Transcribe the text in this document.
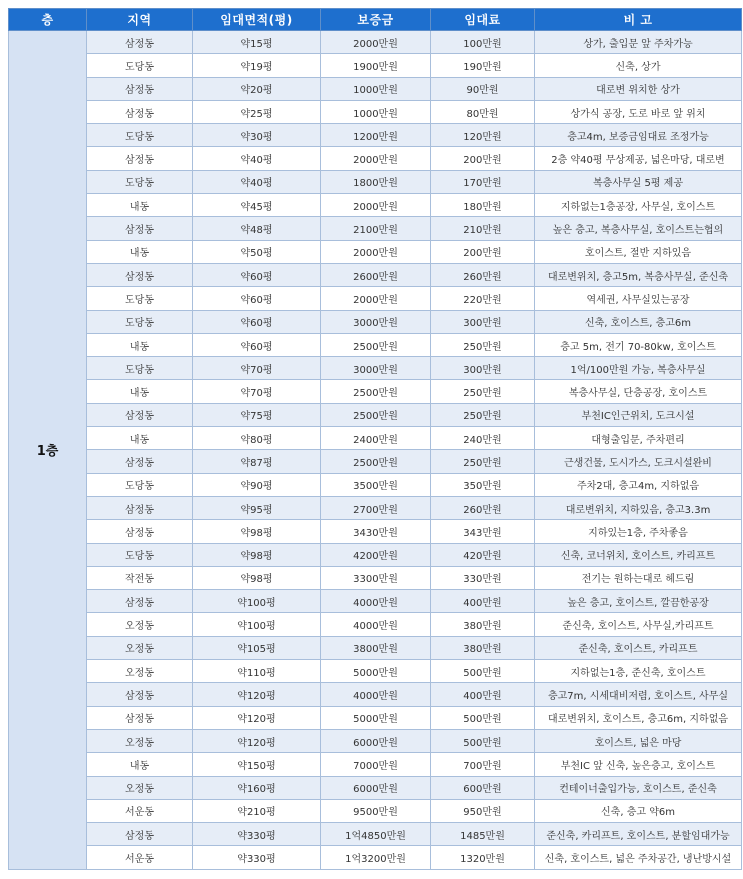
층	지역	임대면적(평)	보증금	임대료	비 고
1층	삼정동	약15평	2000만원	100만원	상가, 출입문 앞 주차가능
	도당동	약19평	1900만원	190만원	신축, 상가
	삼정동	약20평	1000만원	90만원	대로변 위치한 상가
	삼정동	약25평	1000만원	80만원	상가식 공장, 도로 바로 앞 위치
	도당동	약30평	1200만원	120만원	층고4m, 보증금임대료 조정가능
	삼정동	약40평	2000만원	200만원	2층 약40평 무상제공, 넓은마당, 대로변
	도당동	약40평	1800만원	170만원	복층사무실 5평 제공
	내동	약45평	2000만원	180만원	지하없는1층공장, 사무실, 호이스트
	삼정동	약48평	2100만원	210만원	높은 층고, 복층사무실, 호이스트는협의
	내동	약50평	2000만원	200만원	호이스트, 절반 지하있음
	삼정동	약60평	2600만원	260만원	대로변위치, 층고5m, 복층사무실, 준신축
	도당동	약60평	2000만원	220만원	역세권, 사무실있는공장
	도당동	약60평	3000만원	300만원	신축, 호이스트, 층고6m
	내동	약60평	2500만원	250만원	층고 5m, 전기 70-80kw, 호이스트
	도당동	약70평	3000만원	300만원	1억/100만원 가능, 복층사무실
	내동	약70평	2500만원	250만원	복층사무실, 단층공장, 호이스트
	삼정동	약75평	2500만원	250만원	부천IC인근위치, 도크시설
	내동	약80평	2400만원	240만원	대형출입문, 주차편리
	삼정동	약87평	2500만원	250만원	근생건물, 도시가스, 도크시설완비
	도당동	약90평	3500만원	350만원	주차2대, 층고4m, 지하없음
	삼정동	약95평	2700만원	260만원	대로변위치, 지하있음, 층고3.3m
	삼정동	약98평	3430만원	343만원	지하있는1층, 주차좋음
	도당동	약98평	4200만원	420만원	신축, 코너위치, 호이스트, 카리프트
	작전동	약98평	3300만원	330만원	전기는 원하는대로 헤드림
	삼정동	약100평	4000만원	400만원	높은 층고, 호이스트, 깔끔한공장
	오정동	약100평	4000만원	380만원	준신축, 호이스트, 사무실,카리프트
	오정동	약105평	3800만원	380만원	준신축, 호이스트, 카리프트
	오정동	약110평	5000만원	500만원	지하없는1층, 준신축, 호이스트
	삼정동	약120평	4000만원	400만원	층고7m, 시세대비저렴, 호이스트, 사무실
	삼정동	약120평	5000만원	500만원	대로변위치, 호이스트, 층고6m, 지하없음
	오정동	약120평	6000만원	500만원	호이스트, 넓은 마당
	내동	약150평	7000만원	700만원	부천IC 앞 신축, 높은층고, 호이스트
	오정동	약160평	6000만원	600만원	컨테이너출입가능, 호이스트, 준신축
	서운동	약210평	9500만원	950만원	신축, 층고 약6m
	삼정동	약330평	1억4850만원	1485만원	준신축, 카리프트, 호이스트, 분할임대가능
	서운동	약330평	1억3200만원	1320만원	신축, 호이스트, 넓은 주차공간, 냉난방시설
